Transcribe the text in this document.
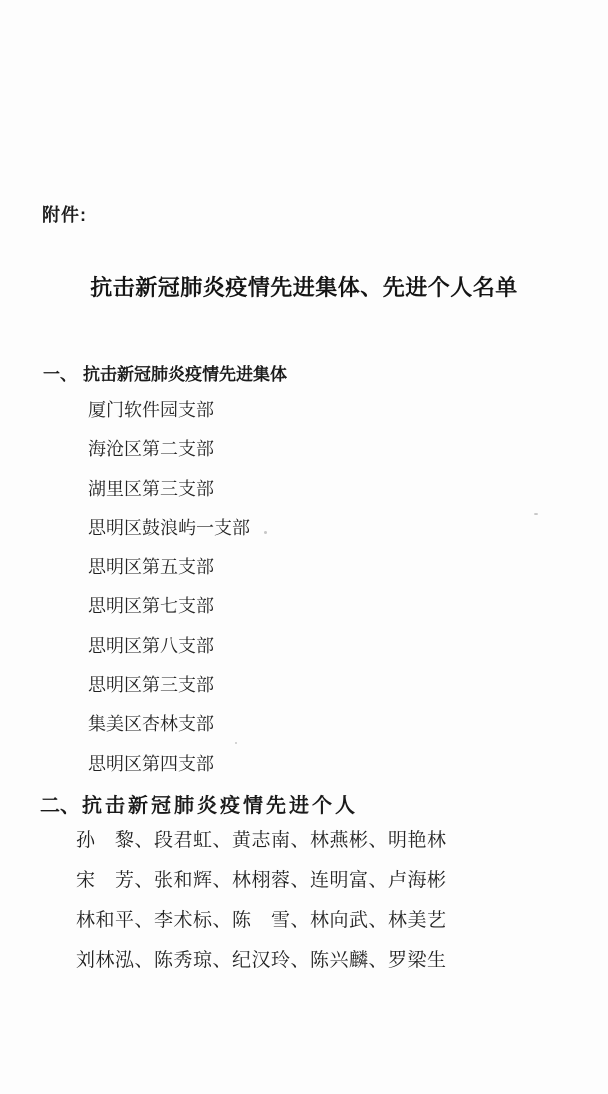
附件:
抗击新冠肺炎疫情先进集体、先进个人名单
一、 抗击新冠肺炎疫情先进集体
厦门软件园支部
海沧区第二支部
湖里区第三支部
思明区鼓浪屿一支部
思明区第五支部
思明区第七支部
思明区第八支部
思明区第三支部
集美区杏林支部
思明区第四支部
二、 抗击新冠肺炎疫情先进个人
孙　黎、段君虹、黄志南、林燕彬、明艳林
宋　芳、张和辉、林栩蓉、连明富、卢海彬
林和平、李术标、陈　雪、林向武、林美艺
刘林泓、陈秀琼、纪汉玲、陈兴麟、罗梁生
